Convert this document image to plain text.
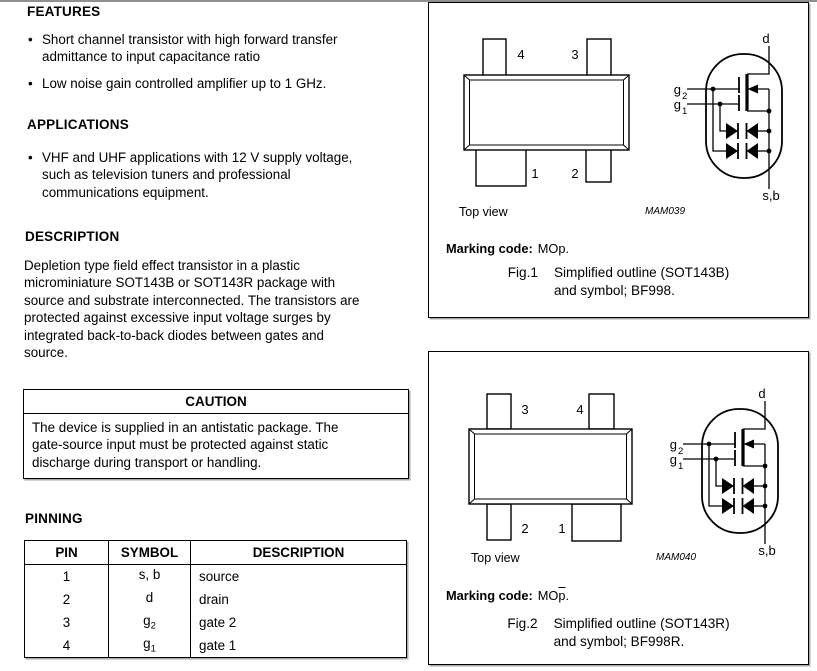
FEATURES
• Short channel transistor with high forward transfer
admittance to input capacitance ratio
• Low noise gain controlled amplifier up to 1 GHz.
APPLICATIONS
• VHF and UHF applications with 12 V supply voltage,
such as television tuners and professional
communications equipment.
DESCRIPTION
Depletion type field effect transistor in a plastic
microminiature SOT143B or SOT143R package with
source and substrate interconnected. The transistors are
protected against excessive input voltage surges by
integrated back-to-back diodes between gates and
source.
CAUTION
The device is supplied in an antistatic package. The
gate-source input must be protected against static
discharge during transport or handling.
PINNING
PIN	SYMBOL	DESCRIPTION
1	s, b	source
2	d	drain
3	$g_2$	gate 2
4	$g_1$	gate 1
4	3
1	2
d
g 2
g 1
s,b
Top view	MAM039
Marking code: MOp.
Fig.1 Simplified outline (SOT143B)
and symbol; BF998.
3	4
2 1
d
g 2
g 1
s,b
Top view	MAM040
Marking code: $MO\overline{p}$.
Fig.2 Simplified outline (SOT143R)
and symbol; BF998R.
